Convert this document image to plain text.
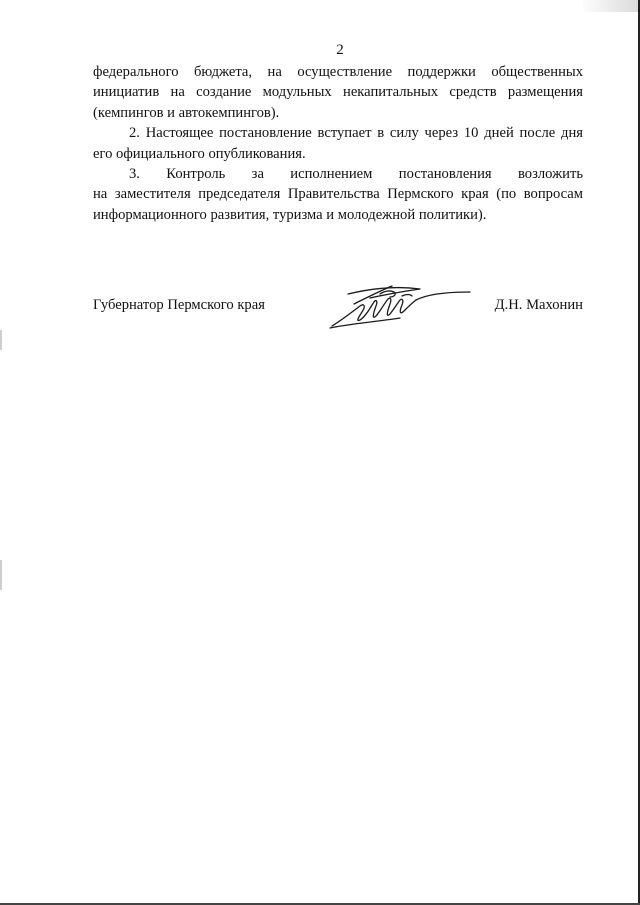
2
федерального бюджета, на осуществление поддержки общественных
инициатив на создание модульных некапитальных средств размещения
(кемпингов и автокемпингов).
2. Настоящее постановление вступает в силу через 10 дней после дня
его официального опубликования.
3. Контроль за исполнением постановления возложить
на заместителя председателя Правительства Пермского края (по вопросам
информационного развития, туризма и молодежной политики).
Губернатор Пермского края	Д.Н. Махонин
